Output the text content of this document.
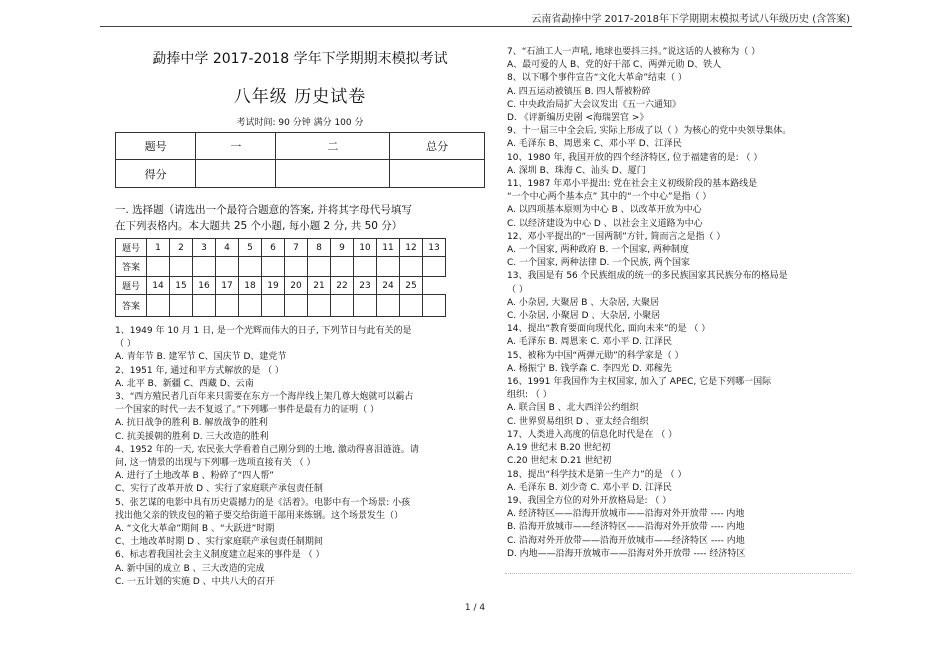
云南省勐捧中学 2017-2018年下学期期末模拟考试八年级历史 (含答案)
勐捧中学 2017-2018 学年下学期期末模拟考试
八年级 历史试卷
考试时间: 90 分钟 满分 100 分
题号	一	二	总分
得分			
一. 选择题（请选出一个最符合题意的答案, 并将其字母代号填写
在下列表格内。本大题共 25 个小题, 每小题 2 分, 共 50 分）
题号	1	2	3	4	5	6	7	8	9	10	11	12	13
答案													
题号	14	15	16	17	18	19	20	21	22	23	24	25	
答案													
1、1949 年 10 月 1 日, 是一个光辉而伟大的日子, 下列节日与此有关的是
（ ）
A. 青年节 B. 建军节 C、国庆节 D、建党节
2、1951 年, 通过和平方式解放的是 （ ）
A. 北平 B、新疆 C、西藏 D、云南
3、“西方殖民者几百年来只需要在东方一个海岸线上架几尊大炮就可以霸占
一个国家的时代一去不复返了。”下列哪一事件是最有力的证明（ ）
A. 抗日战争的胜利 B. 解放战争的胜利
C. 抗美援朝的胜利 D. 三大改造的胜利
4、1952 年的一天, 农民张大学看着自己刚分到的土地, 激动得喜泪涟涟。请
问, 这一情景的出现与下列哪一选项直接有关 （ ）
A. 进行了土地改革 B 、粉碎了“四人帮”
C、实行了改革开放 D 、实行了家庭联产承包责任制
5、张艺谋的电影中具有历史震撼力的是《活着》。电影中有一个场景: 小孩
找出他父亲的铁皮包的箱子要交给街道干部用来炼钢。这个场景发生（）
A. “文化大革命”期间 B 、“大跃进”时期
C、土地改革时期 D 、实行家庭联产承包责任制期间
6、标志着我国社会主义制度建立起来的事件是 （ ）
A. 新中国的成立 B 、三大改造的完成
C. 一五计划的实施 D 、中共八大的召开
7、“石油工人一声吼, 地球也要抖三抖。”说这话的人被称为（ ）
A、最可爱的人 B、党的好干部 C、两弹元勋 D、铁人
8、以下哪个事件宣告“文化大革命”结束（ ）
A. 四五运动被镇压 B. 四人帮被粉碎
C. 中央政治局扩大会议发出《五一六通知》
D. 《评新编历史剧 <海瑞罢官 >》
9、十一届三中全会后, 实际上形成了以（ ）为核心的党中央领导集体。
A. 毛泽东 B、周恩来 C、邓小平 D、江泽民
10、1980 年, 我国开放的四个经济特区, 位于福建省的是: （ ）
A. 深圳 B、珠海 C、汕头 D、厦门
11、1987 年邓小平提出: 党在社会主义初级阶段的基本路线是
“一个中心两个基本点” 其中的“一个中心”是指（ ）
A. 以四项基本原则为中心 B 、以改革开放为中心
C. 以经济建设为中心 D 、以社会主义道路为中心
12、邓小平提出的“一国两制”方针, 简而言之是指（ ）
A. 一个国家, 两种政府 B. 一个国家, 两种制度
C. 一个国家, 两种法律 D. 一个民族, 两个国家
13、我国是有 56 个民族组成的统一的多民族国家其民族分布的格局是
（ ）
A. 小杂居, 大聚居 B 、大杂居, 大聚居
C. 小杂居, 小聚居 D 、大杂居, 小聚居
14、提出“教育要面向现代化, 面向未来”的是 （ ）
A. 毛泽东 B. 周恩来 C. 邓小平 D. 江泽民
15、被称为中国“两弹元勋”的科学家是（ ）
A. 杨振宁 B. 钱学森 C. 李四光 D. 邓稼先
16、1991 年我国作为主权国家, 加入了 APEC, 它是下列哪一国际
组织: （ ）
A. 联合国 B 、北大西洋公约组织
C. 世界贸易组织 D 、亚太经合组织
17、人类进入高度的信息化时代是在 （ ）
A.19 世纪末 B.20 世纪初
C.20 世纪末 D.21 世纪初
18、提出“科学技术是第一生产力”的是 （ ）
A. 毛泽东 B. 刘少奇 C. 邓小平 D. 江泽民
19、我国全方位的对外开放格局是: （ ）
A. 经济特区——沿海开放城市——沿海对外开放带 ---- 内地
B. 沿海开放城市——经济特区——沿海对外开放带 ---- 内地
C. 沿海对外开放带——沿海开放城市——经济特区 ---- 内地
D. 内地——沿海开放城市——沿海对外开放带 ---- 经济特区
1 / 4
